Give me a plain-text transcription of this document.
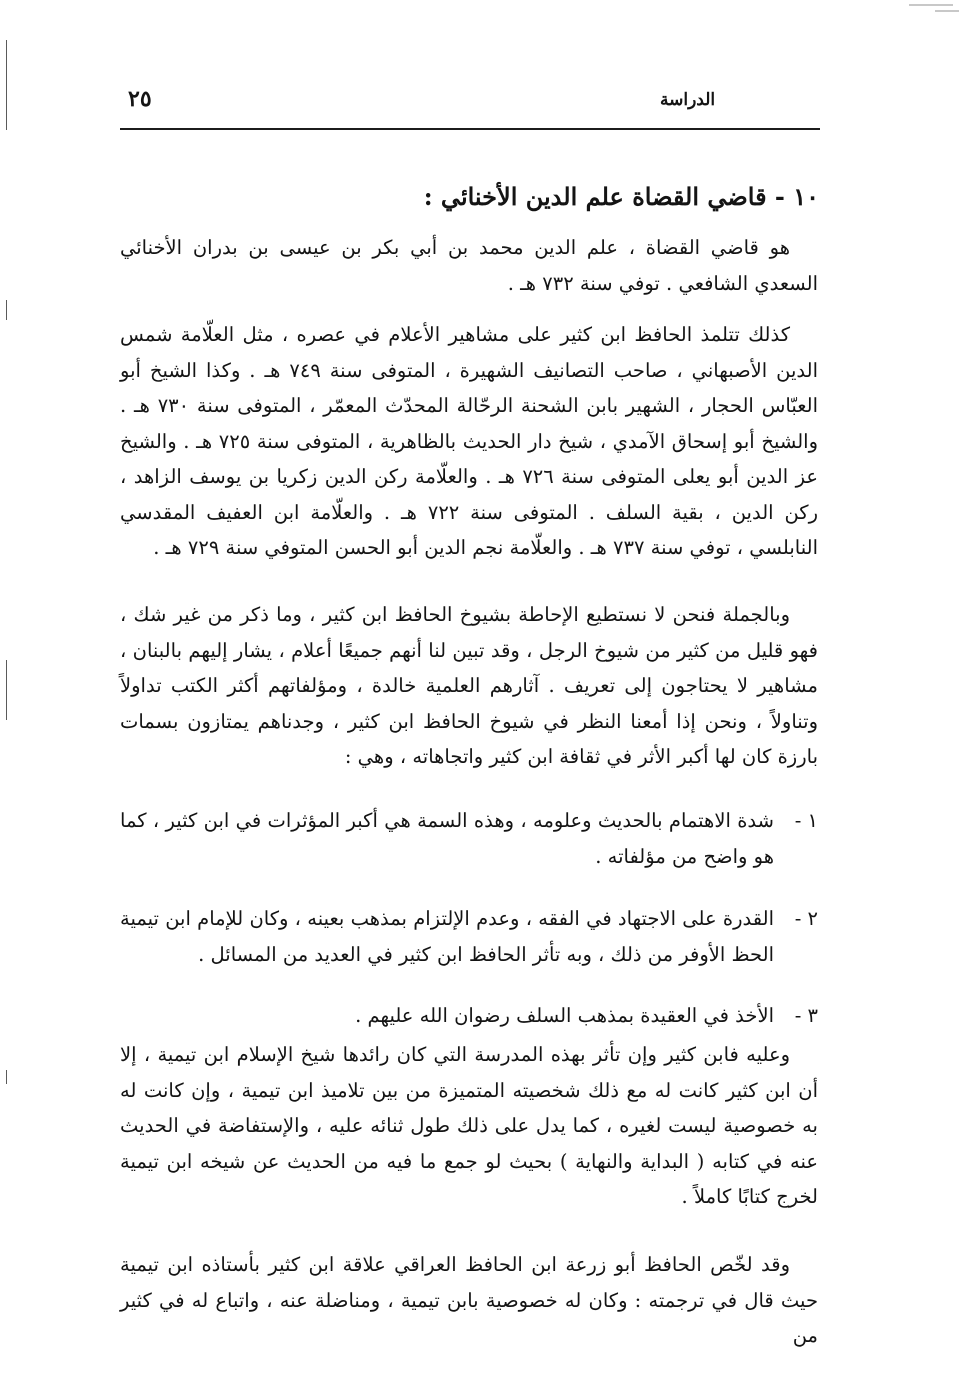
الدراسة
٢٥
١٠ - قاضي القضاة علم الدين الأخنائي :

هو قاضي القضاة ، علم الدين محمد بن أبي بكر بن عيسى بن بدران الأخنائي السعدي الشافعي . توفي سنة ٧٣٢ هـ .

كذلك تتلمذ الحافظ ابن كثير على مشاهير الأعلام في عصره ، مثل العلّامة شمس الدين الأصبهاني ، صاحب التصانيف الشهيرة ، المتوفى سنة ٧٤٩ هـ . وكذا الشيخ أبو العبّاس الحجار ، الشهير بابن الشحنة الرحّالة المحدّث المعمّر ، المتوفى سنة ٧٣٠ هـ . والشيخ أبو إسحاق الآمدي ، شيخ دار الحديث بالظاهرية ، المتوفى سنة ٧٢٥ هـ . والشيخ عز الدين أبو يعلى المتوفى سنة ٧٢٦ هـ . والعلّامة ركن الدين زكريا بن يوسف الزاهد ، ركن الدين ، بقية السلف . المتوفى سنة ٧٢٢ هـ . والعلّامة ابن العفيف المقدسي النابلسي ، توفي سنة ٧٣٧ هـ . والعلّامة نجم الدين أبو الحسن المتوفي سنة ٧٢٩ هـ .

وبالجملة فنحن لا نستطيع الإحاطة بشيوخ الحافظ ابن كثير ، وما ذكر من غير شك ، فهو قليل من كثير من شيوخ الرجل ، وقد تبين لنا أنهم جميعًا أعلام ، يشار إليهم بالبنان ، مشاهير لا يحتاجون إلى تعريف . آثارهم العلمية خالدة ، ومؤلفاتهم أكثر الكتب تداولاً وتناولاً ، ونحن إذا أمعنا النظر في شيوخ الحافظ ابن كثير ، وجدناهم يمتازون بسمات بارزة كان لها أكبر الأثر في ثقافة ابن كثير واتجاهاته ، وهي :

١ -
شدة الاهتمام بالحديث وعلومه ، وهذه السمة هي أكبر المؤثرات في ابن كثير ، كما هو واضح من مؤلفاته .
٢ -
القدرة على الاجتهاد في الفقه ، وعدم الإلتزام بمذهب بعينه ، وكان للإمام ابن تيمية الحظ الأوفر من ذلك ، وبه تأثر الحافظ ابن كثير في العديد من المسائل .
٣ -
الأخذ في العقيدة بمذهب السلف رضوان الله عليهم .

وعليه فابن كثير وإن تأثر بهذه المدرسة التي كان رائدها شيخ الإسلام ابن تيمية ، إلا أن ابن كثير كانت له مع ذلك شخصيته المتميزة من بين تلاميذ ابن تيمية ، وإن كانت له به خصوصية ليست لغيره ، كما يدل على ذلك طول ثنائه عليه ، والإستفاضة في الحديث عنه في كتابه ( البداية والنهاية ) بحيث لو جمع ما فيه من الحديث عن شيخه ابن تيمية لخرج كتابًا كاملاً .

وقد لخّص الحافظ أبو زرعة ابن الحافظ العراقي علاقة ابن كثير بأستاذه ابن تيمية حيث قال في ترجمته : وكان له خصوصية بابن تيمية ، ومناضلة عنه ، واتباع له في كثير من
